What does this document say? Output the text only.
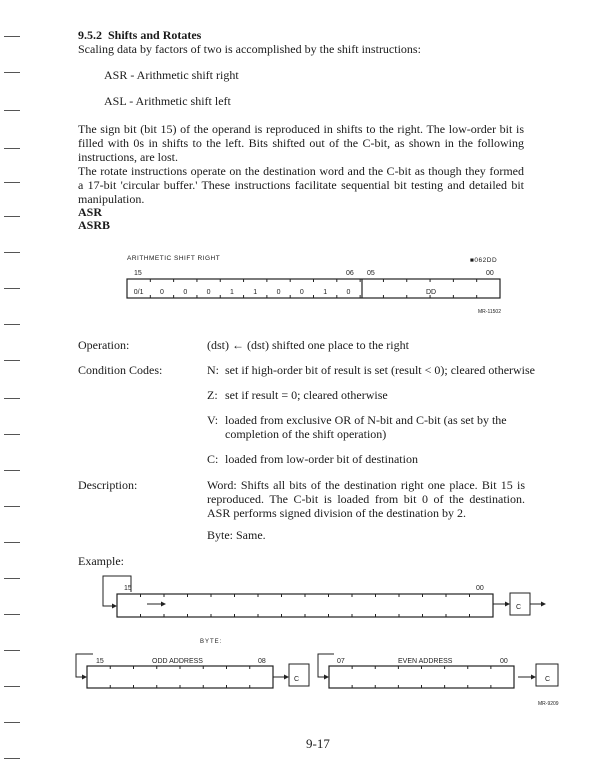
9.5.2 Shifts and Rotates
Scaling data by factors of two is accomplished by the shift instructions:
ASR - Arithmetic shift right
ASL - Arithmetic shift left
The sign bit (bit 15) of the operand is reproduced in shifts to the right. The low-order bit is filled with 0s in shifts to the left. Bits shifted out of the C-bit, as shown in the following instructions, are lost.
The rotate instructions operate on the destination word and the C-bit as though they formed a 17-bit 'circular buffer.' These instructions facilitate sequential bit testing and detailed bit manipulation.
ASR
ASRB
ARITHMETIC SHIFT RIGHT	■062DD
0/1 0	0	0	1	1	0	0	1	0
15	06 05	00
DD
MR-11502
15	00
C
BYTE:
15	ODD ADDRESS	08
C
07	EVEN ADDRESS	00
C
MR-9209
Operation:	(dst) ← (dst) shifted one place to the right
Condition Codes:	N: set if high-order bit of result is set (result < 0); cleared otherwise
Z: set if result = 0; cleared otherwise
V: loaded from exclusive OR of N-bit and C-bit (as set by the completion of the shift operation)
C: loaded from low-order bit of destination
Description:	Word: Shifts all bits of the destination right one place. Bit 15 is reproduced. The C-bit is loaded from bit 0 of the destination. ASR performs signed division of the destination by 2.
Byte: Same.
Example:
9-17
